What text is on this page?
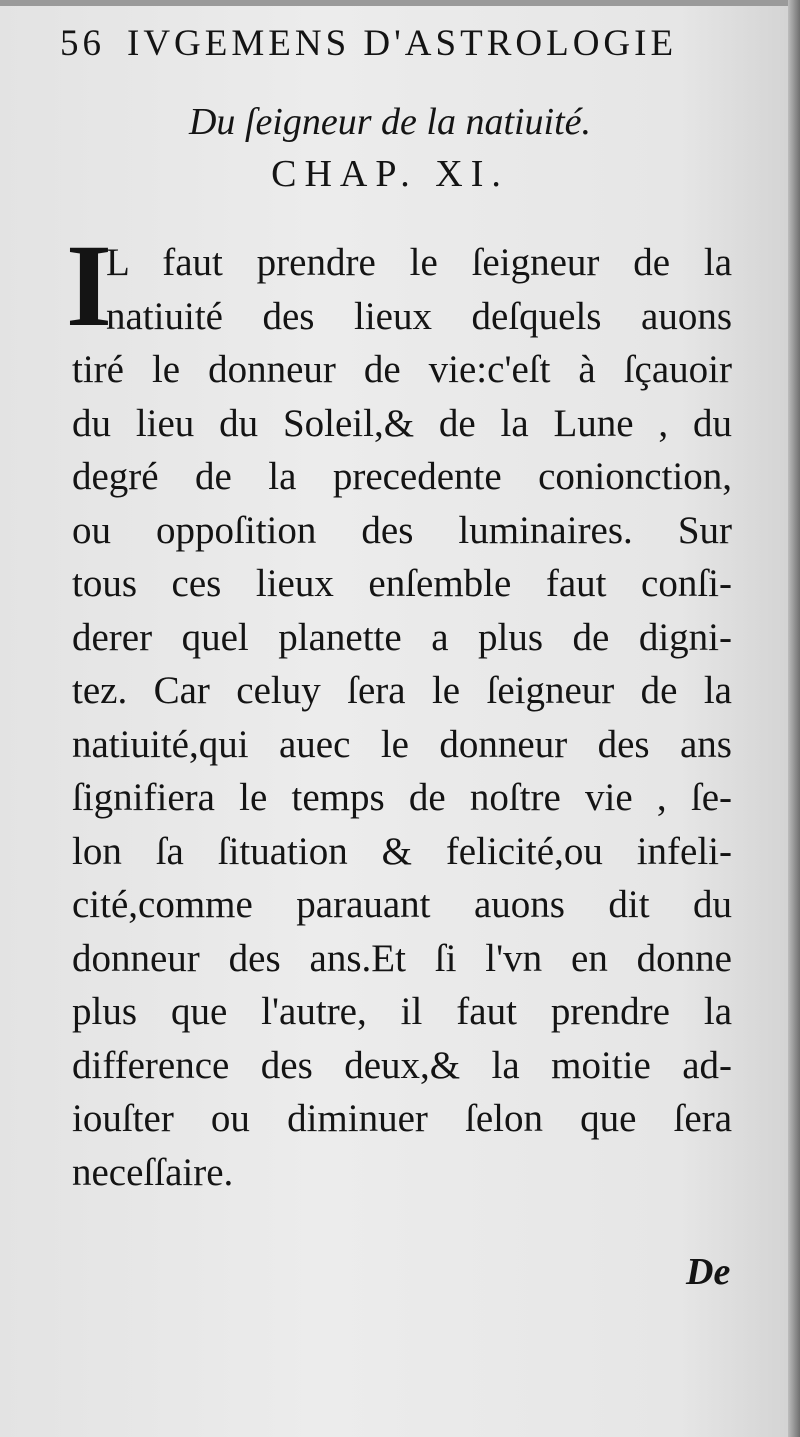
56 IVGEMENS D'ASTROLOGIE
Du ſeigneur de la natiuité.
CHAP. XI.
I
L faut prendre le ſeigneur de la
natiuité des lieux deſquels auons
tiré le donneur de vie:c'eſt à ſçauoir
du lieu du Soleil,& de la Lune , du
degré de la precedente conionction,
ou oppoſition des luminaires. Sur
tous ces lieux enſemble faut conſi-
derer quel planette a plus de digni-
tez. Car celuy ſera le ſeigneur de la
natiuité,qui auec le donneur des ans
ſignifiera le temps de noſtre vie , ſe-
lon ſa ſituation & felicité,ou infeli-
cité,comme parauant auons dit du
donneur des ans.Et ſi l'vn en donne
plus que l'autre, il faut prendre la
difference des deux,& la moitie ad-
iouſter ou diminuer ſelon que ſera
neceſſaire.
De
